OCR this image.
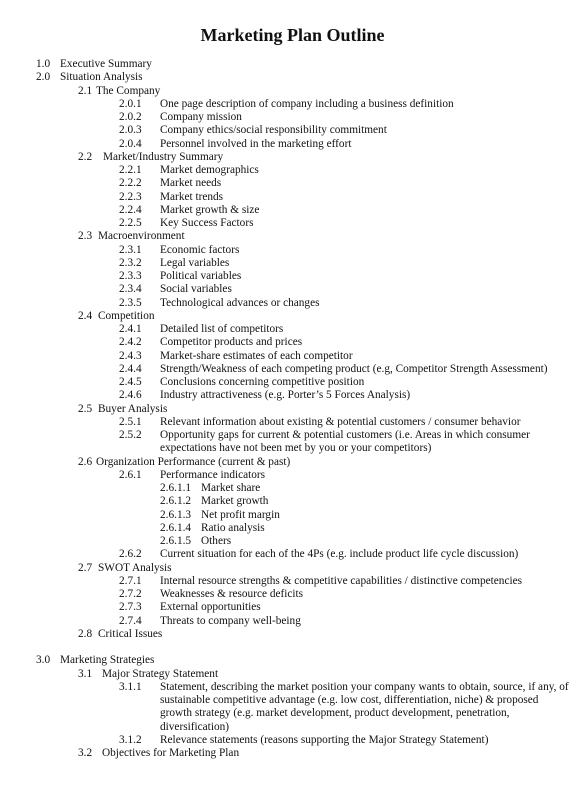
Marketing Plan Outline
1.0 Executive Summary
2.0 Situation Analysis
2.1 The Company
2.0.1 One page description of company including a business definition
2.0.2 Company mission
2.0.3 Company ethics/social responsibility commitment
2.0.4 Personnel involved in the marketing effort
2.2 Market/Industry Summary
2.2.1 Market demographics
2.2.2 Market needs
2.2.3 Market trends
2.2.4 Market growth & size
2.2.5 Key Success Factors
2.3 Macroenvironment
2.3.1 Economic factors
2.3.2 Legal variables
2.3.3 Political variables
2.3.4 Social variables
2.3.5 Technological advances or changes
2.4 Competition
2.4.1 Detailed list of competitors
2.4.2 Competitor products and prices
2.4.3 Market-share estimates of each competitor
2.4.4 Strength/Weakness of each competing product (e.g, Competitor Strength Assessment)
2.4.5 Conclusions concerning competitive position
2.4.6 Industry attractiveness (e.g. Porter’s 5 Forces Analysis)
2.5 Buyer Analysis
2.5.1 Relevant information about existing & potential customers / consumer behavior
2.5.2 Opportunity gaps for current & potential customers (i.e. Areas in which consumer expectations have not been met by you or your competitors)
2.6 Organization Performance (current & past)
2.6.1 Performance indicators
2.6.1.1 Market share
2.6.1.2 Market growth
2.6.1.3 Net profit margin
2.6.1.4 Ratio analysis
2.6.1.5 Others
2.6.2 Current situation for each of the 4Ps (e.g. include product life cycle discussion)
2.7 SWOT Analysis
2.7.1 Internal resource strengths & competitive capabilities / distinctive competencies
2.7.2 Weaknesses & resource deficits
2.7.3 External opportunities
2.7.4 Threats to company well-being
2.8 Critical Issues
3.0 Marketing Strategies
3.1 Major Strategy Statement
3.1.1 Statement, describing the market position your company wants to obtain, source, if any, of sustainable competitive advantage (e.g. low cost, differentiation, niche) & proposed growth strategy (e.g. market development, product development, penetration, diversification)
3.1.2 Relevance statements (reasons supporting the Major Strategy Statement)
3.2 Objectives for Marketing Plan
